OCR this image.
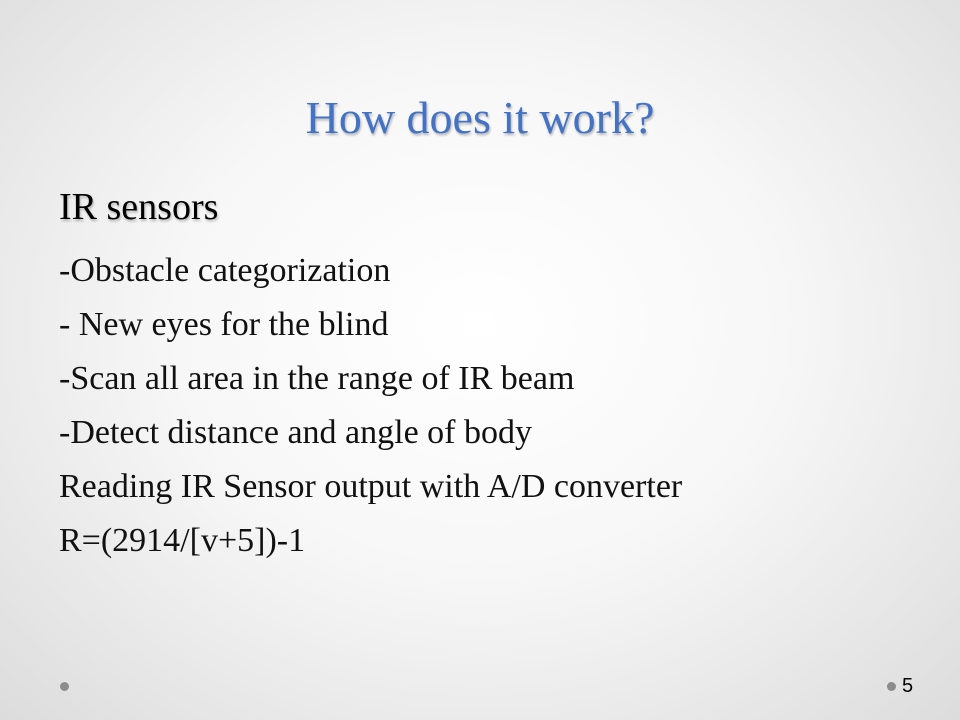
How does it work?
IR sensors
-Obstacle categorization
- New eyes for the blind
-Scan all area in the range of IR beam
-Detect distance and angle of body
Reading IR Sensor output with A/D converter
R=(2914/[v+5])-1
5
